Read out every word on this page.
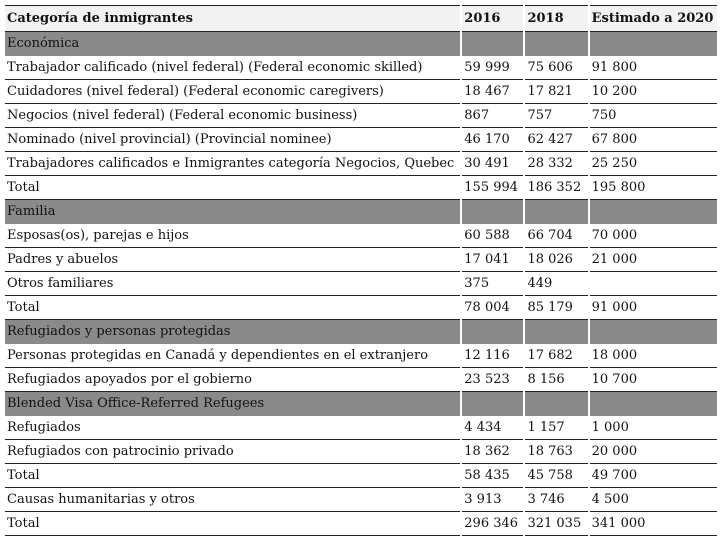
Categoría de inmigrantes	2016	2018	Estimado a 2020
Económica			
Trabajador calificado (nivel federal) (Federal economic skilled)	59 999	75 606	91 800
Cuidadores (nivel federal) (Federal economic caregivers)	18 467	17 821	10 200
Negocios (nivel federal) (Federal economic business)	867	757	750
Nominado (nivel provincial) (Provincial nominee)	46 170	62 427	67 800
Trabajadores calificados e Inmigrantes categoría Negocios, Quebec	30 491	28 332	25 250
Total	155 994	186 352	195 800
Familia			
Esposas(os), parejas e hijos	60 588	66 704	70 000
Padres y abuelos	17 041	18 026	21 000
Otros familiares	375	449	
Total	78 004	85 179	91 000
Refugiados y personas protegidas			
Personas protegidas en Canadá y dependientes en el extranjero	12 116	17 682	18 000
Refugiados apoyados por el gobierno	23 523	8 156	10 700
Blended Visa Office-Referred Refugees			
Refugiados	4 434	1 157	1 000
Refugiados con patrocinio privado	18 362	18 763	20 000
Total	58 435	45 758	49 700
Causas humanitarias y otros	3 913	3 746	4 500
Total	296 346	321 035	341 000
